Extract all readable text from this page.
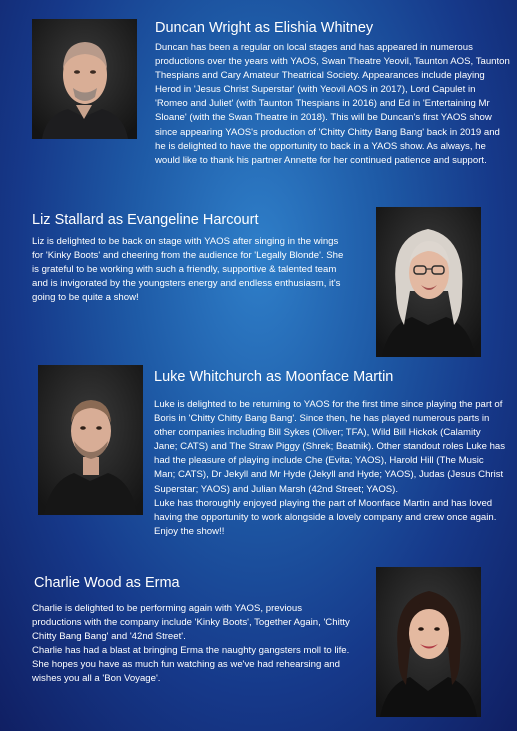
Duncan Wright as Elishia Whitney

Duncan has been a regular on local stages and has appeared in numerous productions over the years with YAOS, Swan Theatre Yeovil, Taunton AOS, Taunton Thespians and Cary Amateur Theatrical Society. Appearances include playing Herod in 'Jesus Christ Superstar' (with Yeovil AOS in 2017), Lord Capulet in 'Romeo and Juliet' (with Taunton Thespians in 2016) and Ed in 'Entertaining Mr Sloane' (with the Swan Theatre in 2018). This will be Duncan's first YAOS show since appearing YAOS's production of 'Chitty Chitty Bang Bang' back in 2019 and he is delighted to have the opportunity to back in a YAOS show. As always, he would like to thank his partner Annette for her continued patience and support.

Liz Stallard as Evangeline Harcourt

Liz is delighted to be back on stage with YAOS after singing in the wings for 'Kinky Boots' and cheering from the audience for 'Legally Blonde'. She is grateful to be working with such a friendly, supportive & talented team and is invigorated by the youngsters energy and endless enthusiasm, it's going to be quite a show!

Luke Whitchurch as Moonface Martin

Luke is delighted to be returning to YAOS for the first time since playing the part of Boris in 'Chitty Chitty Bang Bang'. Since then, he has played numerous parts in other companies including Bill Sykes (Oliver; TFA), Wild Bill Hickok (Calamity Jane; CATS) and The Straw Piggy (Shrek; Beatnik). Other standout roles Luke has had the pleasure of playing include Che (Evita; YAOS), Harold Hill (The Music Man; CATS), Dr Jekyll and Mr Hyde (Jekyll and Hyde; YAOS), Judas (Jesus Christ Superstar; YAOS) and Julian Marsh (42nd Street; YAOS).

Luke has thoroughly enjoyed playing the part of Moonface Martin and has loved having the opportunity to work alongside a lovely company and crew once again. Enjoy the show!!

Charlie Wood as Erma

Charlie is delighted to be performing again with YAOS, previous productions with the company include 'Kinky Boots', Together Again, 'Chitty Chitty Bang Bang' and '42nd Street'.

Charlie has had a blast at bringing Erma the naughty gangsters moll to life. She hopes you have as much fun watching as we've had rehearsing and wishes you all a 'Bon Voyage'.
